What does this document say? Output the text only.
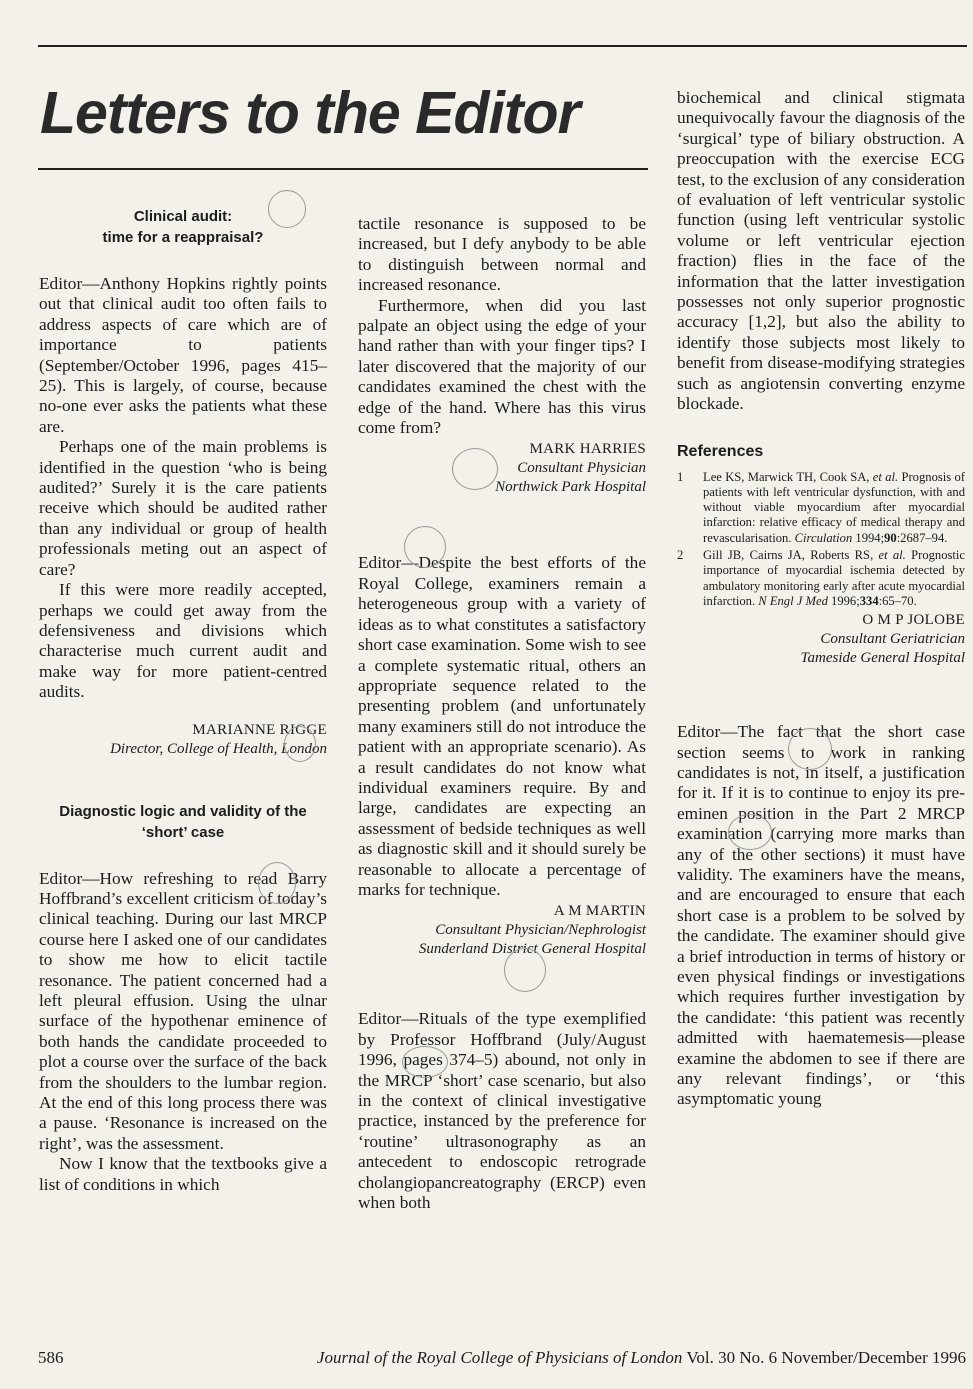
Letters to the Editor
Clinical audit:
time for a reappraisal?

Editor—Anthony Hopkins rightly points out that clinical audit too often fails to address aspects of care which are of importance to patients (September/October 1996, pages 415–25). This is largely, of course, because no-one ever asks the patients what these are.

Perhaps one of the main problems is identified in the question ‘who is being audited?’ Surely it is the care patients receive which should be audited rather than any individual or group of health professionals meting out an aspect of care?

If this were more readily accepted, perhaps we could get away from the defensiveness and divisions which characterise much current audit and make way for more patient-centred audits.

MARIANNE RIGGE
Director, College of Health, London
Diagnostic logic and validity of the
‘short’ case

Editor—How refreshing to read Barry Hoffbrand’s excellent criticism of today’s clinical teaching. During our last MRCP course here I asked one of our candidates to show me how to elicit tactile resonance. The patient concerned had a left pleural effusion. Using the ulnar surface of the hypothenar eminence of both hands the candidate proceeded to plot a course over the surface of the back from the shoulders to the lumbar region. At the end of this long process there was a pause. ‘Resonance is increased on the right’, was the assessment.

Now I know that the textbooks give a list of conditions in which

tactile resonance is supposed to be increased, but I defy anybody to be able to distinguish between normal and increased resonance.

Furthermore, when did you last palpate an object using the edge of your hand rather than with your finger tips? I later discovered that the majority of our candidates examined the chest with the edge of the hand. Where has this virus come from?

MARK HARRIES
Consultant Physician
Northwick Park Hospital

Editor—Despite the best efforts of the Royal College, examiners remain a heterogeneous group with a variety of ideas as to what constitutes a satisfactory short case examination. Some wish to see a complete systematic ritual, others an appropriate sequence related to the presenting problem (and unfortunately many examiners still do not introduce the patient with an appropriate scenario). As a result candidates do not know what individual examiners require. By and large, candidates are expecting an assessment of bedside techniques as well as diagnostic skill and it should surely be reasonable to allocate a percentage of marks for technique.

A M MARTIN
Consultant Physician/Nephrologist
Sunderland District General Hospital

Editor—Rituals of the type exemplified by Professor Hoffbrand (July/August 1996, pages 374–5) abound, not only in the MRCP ‘short’ case scenario, but also in the context of clinical investigative practice, instanced by the preference for ‘routine’ ultrasonography as an antecedent to endoscopic retrograde cholangiopancreatography (ERCP) even when both

biochemical and clinical stigmata unequivocally favour the diagnosis of the ‘surgical’ type of biliary obstruction. A preoccupation with the exercise ECG test, to the exclusion of any consideration of evaluation of left ventricular systolic function (using left ventricular systolic volume or left ventricular ejection fraction) flies in the face of the information that the latter investigation possesses not only superior prognostic accuracy [1,2], but also the ability to identify those subjects most likely to benefit from disease-modifying strategies such as angiotensin converting enzyme blockade.

References
1	Lee KS, Marwick TH, Cook SA, et al. Prognosis of patients with left ventricular dysfunction, with and without viable myocardium after myocardial infarction: relative efficacy of medical therapy and revascularisation. Circulation 1994;90:2687–94.
2	Gill JB, Cairns JA, Roberts RS, et al. Prognostic importance of myocardial ischemia detected by ambulatory monitoring early after acute myocardial infarction. N Engl J Med 1996;334:65–70.
O M P JOLOBE
Consultant Geriatrician
Tameside General Hospital

Editor—The fact that the short case section seems to work in ranking candidates is not, in itself, a justification for it. If it is to continue to enjoy its pre-eminen position in the Part 2 MRCP examination (carrying more marks than any of the other sections) it must have validity. The examiners have the means, and are encouraged to ensure that each short case is a problem to be solved by the candidate. The examiner should give a brief introduction in terms of history or even physical findings or investigations which requires further investigation by the candidate: ‘this patient was recently admitted with haematemesis—please examine the abdomen to see if there are any relevant findings’, or ‘this asymptomatic young

586	Journal of the Royal College of Physicians of London Vol. 30 No. 6 November/December 1996
